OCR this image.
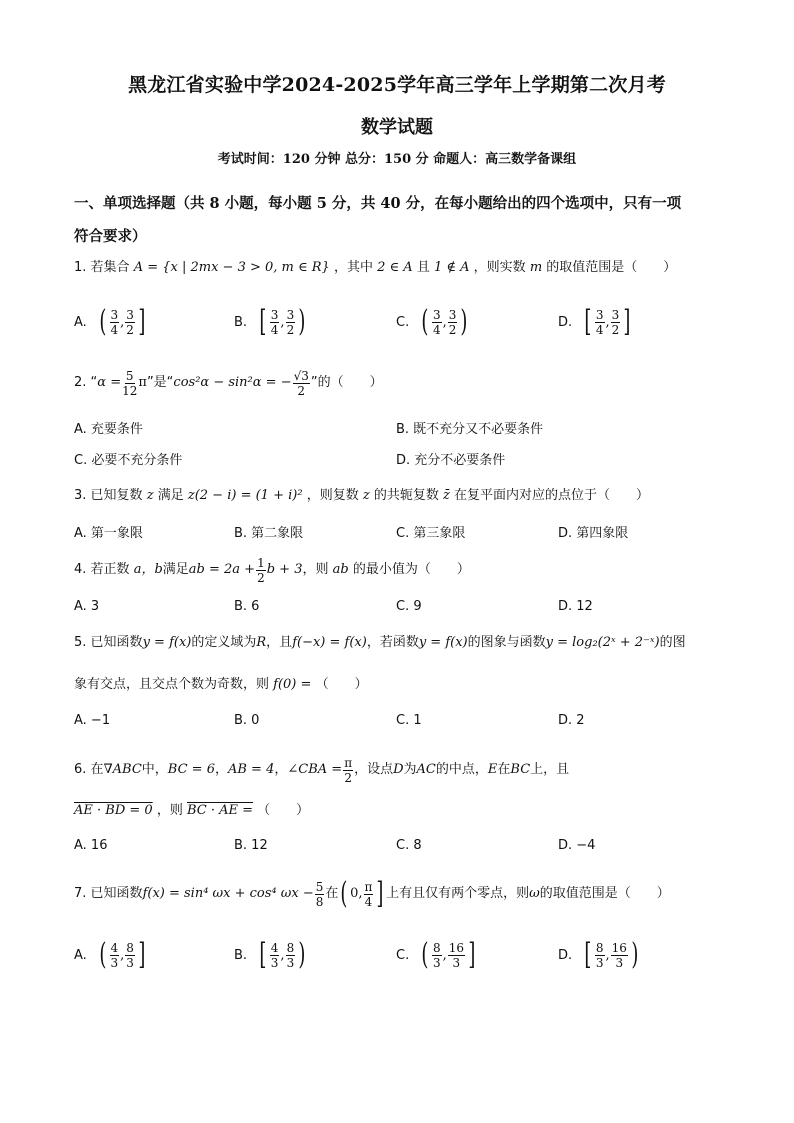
黑龙江省实验中学2024-2025学年高三学年上学期第二次月考
数学试题
考试时间：120 分钟 总分：150 分 命题人：高三数学备课组
一、单项选择题（共 8 小题，每小题 5 分，共 40 分，在每小题给出的四个选项中，只有一项
符合要求）
1. 若集合 A = {x | 2mx − 3 > 0, m ∈ R} ，其中 2 ∈ A 且 1 ∉ A ，则实数 m 的取值范围是（　　）
A. ( $\frac{3}{4}$ , $\frac{3}{2}$ ]	B. [ $\frac{3}{4}$ , $\frac{3}{2}$ )	C. ( $\frac{3}{4}$ , $\frac{3}{2}$ )	D. [ $\frac{3}{4}$ , $\frac{3}{2}$ ]
2.
“ $\alpha = \frac{5}{12}$ π ”是“ cos²α − sin²α = − $\frac{√3}{2}$ ”的（　　）
A. 充要条件	B. 既不充分又不必要条件
C. 必要不充分条件	D. 充分不必要条件
3. 已知复数 z 满足 z(2 − i) = (1 + i)² ，则复数 z 的共轭复数 z̄ 在复平面内对应的点位于（　　）
A. 第一象限	B. 第二象限	C. 第三象限	D. 第四象限
4.
若正数
a，b 满足 ab = $2a + \frac{1}{2}$ b + 3 ，则
ab
的最小值为（　　）
A. 3	B. 6	C. 9	D. 12
5. 已知函数y = f(x)的定义域为R，且f(−x) = f(x)，若函数y = f(x)的图象与函数y = log₂(2ˣ + 2⁻ˣ)的图
象有交点，且交点个数为奇数，则 f(0) = （　　）
A. −1	B. 0	C. 1	D. 2
6.
在 ∇ABC 中， BC = 6 ， AB = 4 ， ∠CBA = $\frac{\pi}{2}$ ，设点 D 为 AC 的中点， E 在 BC 上，且
AE · BD = 0 ，则 BC · AE = （　　）
A. 16	B. 12	C. 8	D. −4
7.
已知函数 f(x) = sin⁴ ωx + cos⁴ $\omega x - \frac{5}{8}$ 在 ( 0, $\frac{\pi}{4}$ ] 上有且仅有两个零点，则 ω 的取值范围是（　　）
A. ( $\frac{4}{3}$ , $\frac{8}{3}$ ]	B. [ $\frac{4}{3}$ , $\frac{8}{3}$ )	C. ( $\frac{8}{3}$ , $\frac{16}{3}$ ]	D. [ $\frac{8}{3}$ , $\frac{16}{3}$ )
